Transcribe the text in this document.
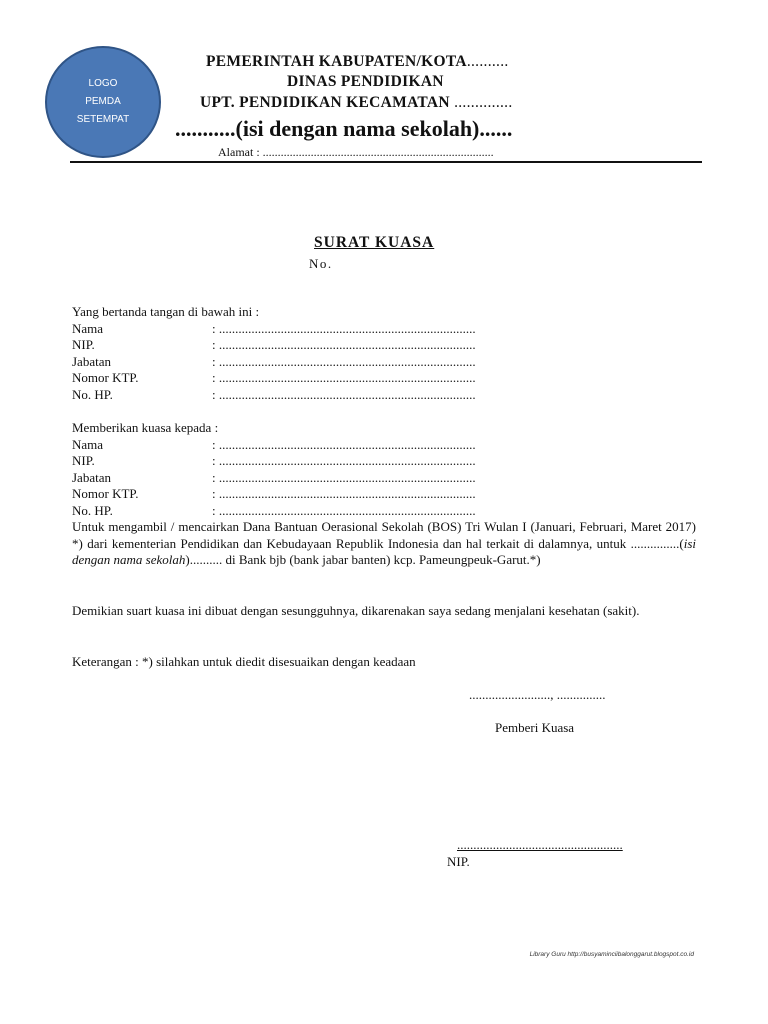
LOGO
PEMDA
SETEMPAT
PEMERINTAH KABUPATEN/KOTA..........
DINAS PENDIDIKAN
UPT. PENDIDIKAN KECAMATAN ..............
...........(isi dengan nama sekolah)......
Alamat : .............................................................................
SURAT KUASA
No.
Yang bertanda tangan di bawah ini :
Nama	: ...............................................................................
NIP.	: ...............................................................................
Jabatan	: ...............................................................................
Nomor KTP.	: ...............................................................................
No. HP.	: ...............................................................................
Memberikan kuasa kepada :
Nama	: ...............................................................................
NIP.	: ...............................................................................
Jabatan	: ...............................................................................
Nomor KTP.	: ...............................................................................
No. HP.	: ...............................................................................
Untuk mengambil / mencairkan Dana Bantuan Oerasional Sekolah (BOS) Tri Wulan I (Januari, Februari, Maret 2017) *) dari kementerian Pendidikan dan Kebudayaan Republik Indonesia dan hal terkait di dalamnya, untuk ...............(isi dengan nama sekolah).......... di Bank bjb (bank jabar banten) kcp. Pameungpeuk-Garut.*)
Demikian suart kuasa ini dibuat dengan sesungguhnya, dikarenakan saya sedang menjalani kesehatan (sakit).
Keterangan : *) silahkan untuk diedit disesuaikan dengan keadaan
........................., ...............
Pemberi Kuasa
...................................................
NIP.
Library Guru http://busyaminciibalonggarut.blogspot.co.id
